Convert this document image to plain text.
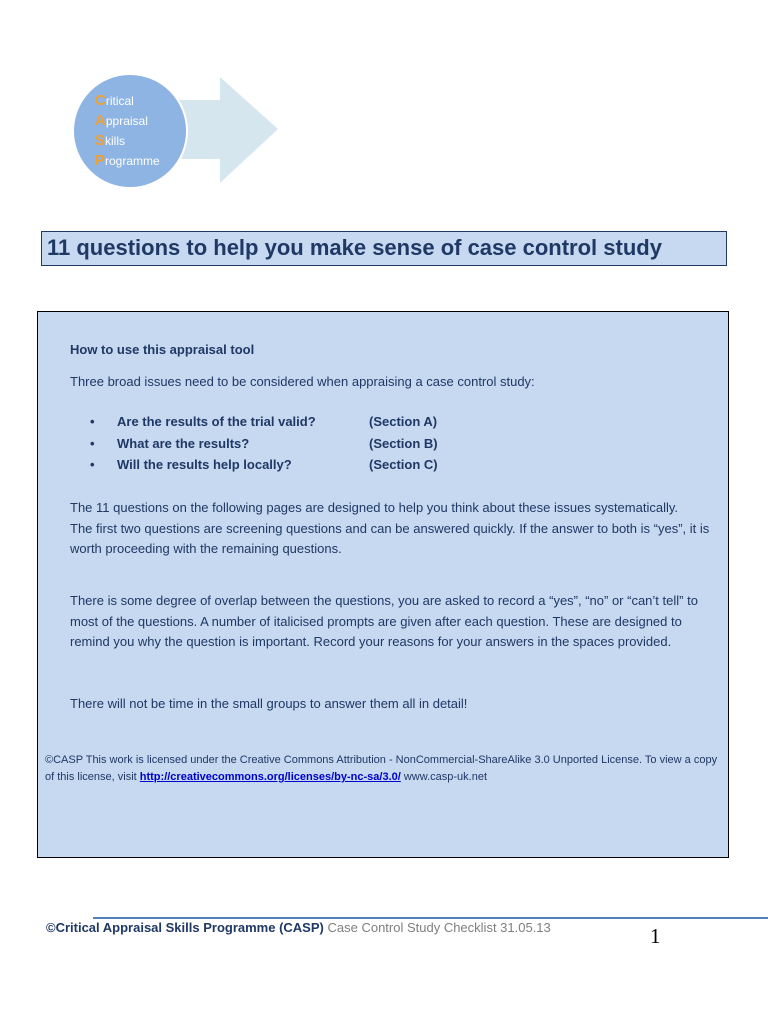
Critical
Appraisal
Skills
Programme
11 questions to help you make sense of case control study

How to use this appraisal tool

Three broad issues need to be considered when appraising a case control study:

• Are the results of the trial valid?	(Section A)
• What are the results?	(Section B)
• Will the results help locally?	(Section C)
The 11 questions on the following pages are designed to help you think about these issues systematically.
The first two questions are screening questions and can be answered quickly. If the answer to both is “yes”, it is worth proceeding with the remaining questions.

There is some degree of overlap between the questions, you are asked to record a “yes”, “no” or “can’t tell” to most of the questions. A number of italicised prompts are given after each question. These are designed to remind you why the question is important. Record your reasons for your answers in the spaces provided.

There will not be time in the small groups to answer them all in detail!

©CASP This work is licensed under the Creative Commons Attribution - NonCommercial-ShareAlike 3.0 Unported License. To view a copy of this license, visit http://creativecommons.org/licenses/by-nc-sa/3.0/ www.casp-uk.net
©Critical Appraisal Skills Programme (CASP) Case Control Study Checklist 31.05.13	1
